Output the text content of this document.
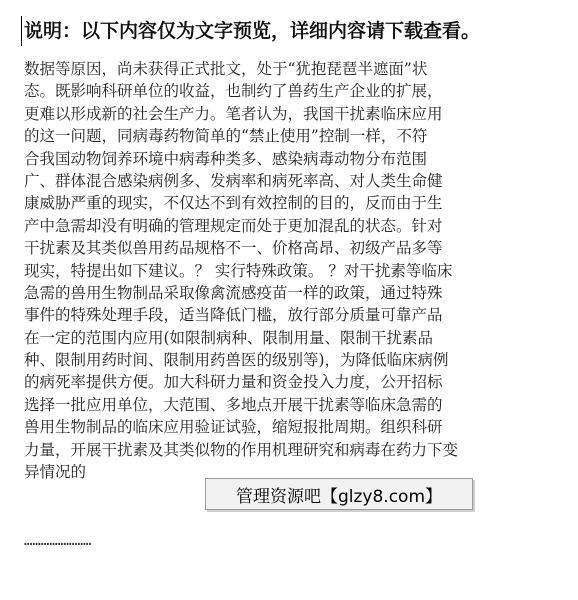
说明：以下内容仅为文字预览，详细内容请下载查看。
数据等原因，尚未获得正式批文，处于“犹抱琵琶半遮面”状
态。既影响科研单位的收益，也制约了兽药生产企业的扩展，
更难以形成新的社会生产力。笔者认为，我国干扰素临床应用
的这一问题，同病毒药物简单的“禁止使用”控制一样，不符
合我国动物饲养环境中病毒种类多、感染病毒动物分布范围
广、群体混合感染病例多、发病率和病死率高、对人类生命健
康威胁严重的现实，不仅达不到有效控制的目的，反而由于生
产中急需却没有明确的管理规定而处于更加混乱的状态。针对
干扰素及其类似兽用药品规格不一、价格高昂、初级产品多等
现实，特提出如下建议。？ 实行特殊政策。 ？对干扰素等临床
急需的兽用生物制品采取像禽流感疫苗一样的政策，通过特殊
事件的特殊处理手段，适当降低门槛，放行部分质量可靠产品
在一定的范围内应用(如限制病种、限制用量、限制干扰素品
种、限制用药时间、限制用药兽医的级别等)，为降低临床病例
的病死率提供方便。加大科研力量和资金投入力度，公开招标
选择一批应用单位，大范围、多地点开展干扰素等临床急需的
兽用生物制品的临床应用验证试验，缩短报批周期。组织科研
力量，开展干扰素及其类似物的作用机理研究和病毒在药力下变
异情况的
……………………
管理资源吧【glzy8.com】
